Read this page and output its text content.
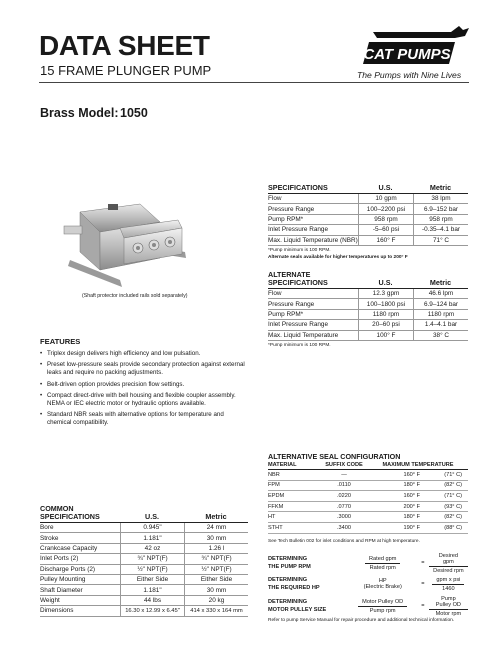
DATA SHEET
15 FRAME PLUNGER PUMP
CAT PUMPS
The Pumps with Nine Lives
Brass Model: 1050
(Shaft protector included rails sold separately)
SPECIFICATIONS	U.S.	Metric
Flow	10 gpm	38 lpm
Pressure Range	100–2200 psi	6.9–152 bar
Pump RPM*	958 rpm	958 rpm
Inlet Pressure Range	-5–60 psi	-0.35–4.1 bar
Max. Liquid Temperature (NBR)	160° F	71° C
*Pump minimum is 100 RPM.
Alternate seals available for higher temperatures up to 200° F
ALTERNATE
SPECIFICATIONS	U.S.	Metric
Flow	12.3 gpm	46.6 lpm
Pressure Range	100–1800 psi	6.9–124 bar
Pump RPM*	1180 rpm	1180 rpm
Inlet Pressure Range	20–60 psi	1.4–4.1 bar
Max. Liquid Temperature	100° F	38° C
*Pump minimum is 100 RPM.
FEATURES
• Triplex design delivers high efficiency and low pulsation.
• Preset low-pressure seals provide secondary protection against external leaks and require no packing adjustments.
• Belt-driven option provides precision flow settings.
• Compact direct-drive with bell housing and flexible coupler assembly. NEMA or IEC electric motor or hydraulic options available.
• Standard NBR seals with alternative options for temperature and chemical compatibility.
COMMON
SPECIFICATIONS	U.S.	Metric
Bore	0.945"	24 mm
Stroke	1.181"	30 mm
Crankcase Capacity	42 oz	1.26 l
Inlet Ports (2)	¾" NPT(F)	¾" NPT(F)
Discharge Ports (2)	½" NPT(F)	½" NPT(F)
Pulley Mounting	Either Side	Either Side
Shaft Diameter	1.181"	30 mm
Weight	44 lbs	20 kg
Dimensions	16.30 x 12.99 x 6.45"	414 x 330 x 164 mm
ALTERNATIVE SEAL CONFIGURATION
MATERIAL	SUFFIX CODE	MAXIMUM TEMPERATURE
NBR	—	160° F	(71° C)
FPM	.0110	180° F	(82° C)
EPDM	.0220	160° F	(71° C)
FFKM	.0770	200° F	(93° C)
HT	.3000	180° F	(82° C)
STHT	.3400	190° F	(88° C)
See Tech Bulletin 002 for inlet conditions and RPM at high temperature.
DETERMINING
THE PUMP RPM	$\frac{\text{Rated gpm}}{\text{Rated rpm}} = \frac{\text{Desired gpm}}{\text{Desired rpm}}$
DETERMINING
THE REQUIRED HP
HP
(Electric Brake)	= $\frac{\text{gpm x psi}}{1460}$
DETERMINING
MOTOR PULLEY SIZE	$\frac{\text{Motor Pulley OD}}{\text{Pump rpm}} = \frac{\text{Pump Pulley OD}}{\text{Motor rpm}}$
Refer to pump Service Manual for repair procedure and additional technical information.
